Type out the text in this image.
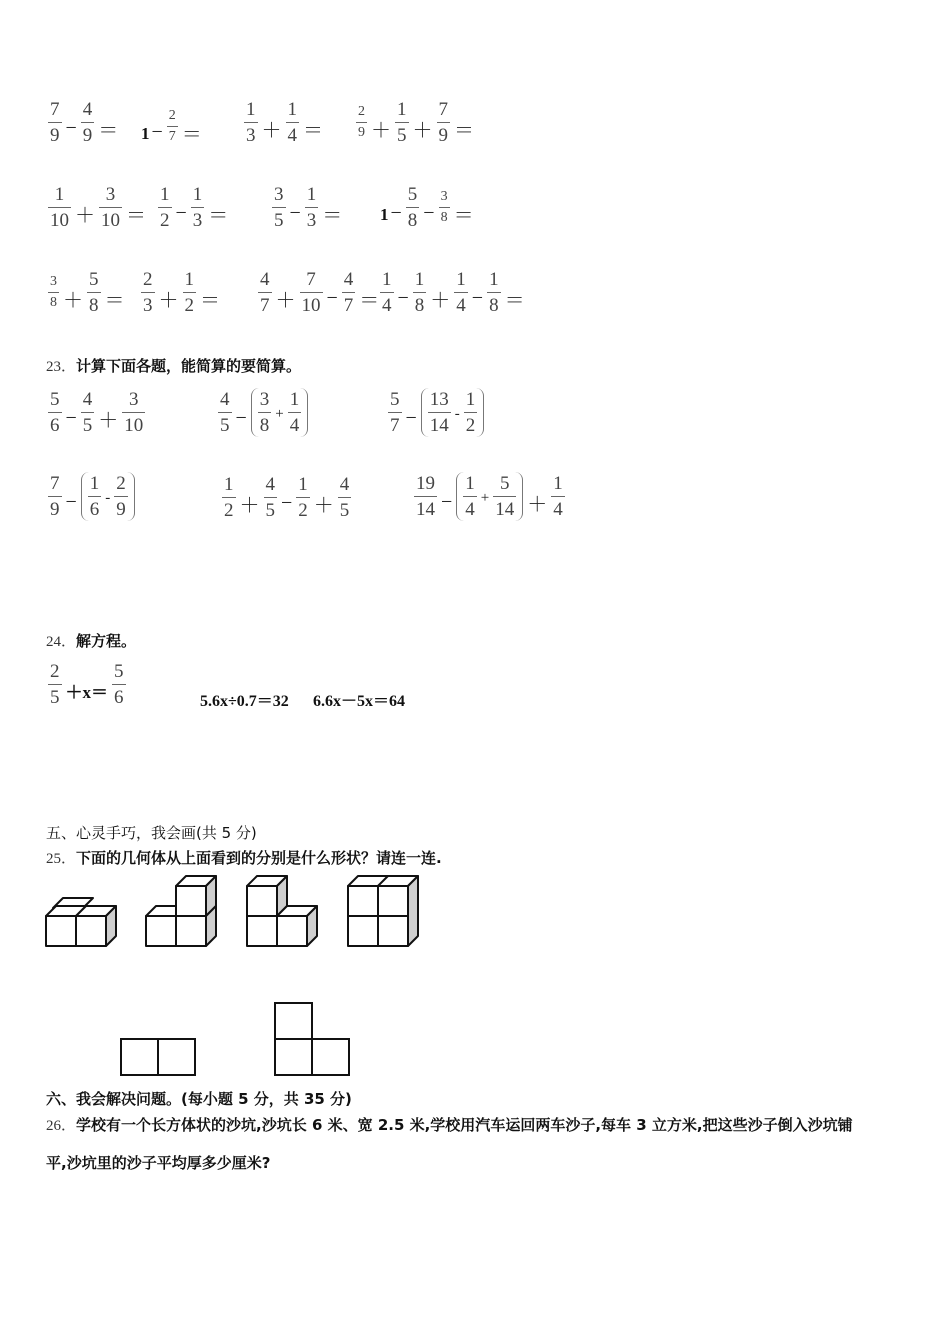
$\frac{7}{9} - \frac{4}{9} = 1 - \frac{2}{7} = \frac{1}{3} + \frac{1}{4} = \frac{2}{9} + \frac{1}{5} + \frac{7}{9}$ ＝
$\frac{1}{10} + \frac{3}{10} = \frac{1}{2} - \frac{1}{3} = \frac{3}{5} - \frac{1}{3} = 1 - \frac{5}{8} - \frac{3}{8}$ ＝
$\frac{3}{8} + \frac{5}{8} = \frac{2}{3} + \frac{1}{2} = \frac{4}{7} + \frac{7}{10} - \frac{4}{7} = \frac{1}{4} - \frac{1}{8} + \frac{1}{4} - \frac{1}{8}$ ＝
23．计算下面各题，能简算的要简算。
$\frac{5}{6} - \frac{4}{5} + \frac{3}{10}$	$\frac{4}{5} - \frac{3}{8} + \frac{1}{4}$	$\frac{5}{7} - \frac{13}{14} - \frac{1}{2}$
$\frac{7}{9} - \frac{1}{6} - \frac{2}{9}$	$\frac{1}{2} + \frac{4}{5} - \frac{1}{2} + \frac{4}{5}$	$\frac{19}{14} - \frac{1}{4} + \frac{5}{14} + \frac{1}{4}$
24．解方程。
$\frac{2}{5} +x= \frac{5}{6}$	5.6x÷0.7＝32 6.6x－5x＝64
五、心灵手巧，我会画(共 5 分)
25．下面的几何体从上面看到的分别是什么形状？请连一连.
六、我会解决问题。(每小题 5 分，共 35 分)
26．学校有一个长方体状的沙坑,沙坑长 6 米、宽 2.5 米,学校用汽车运回两车沙子,每车 3 立方米,把这些沙子倒入沙坑铺
平,沙坑里的沙子平均厚多少厘米?
